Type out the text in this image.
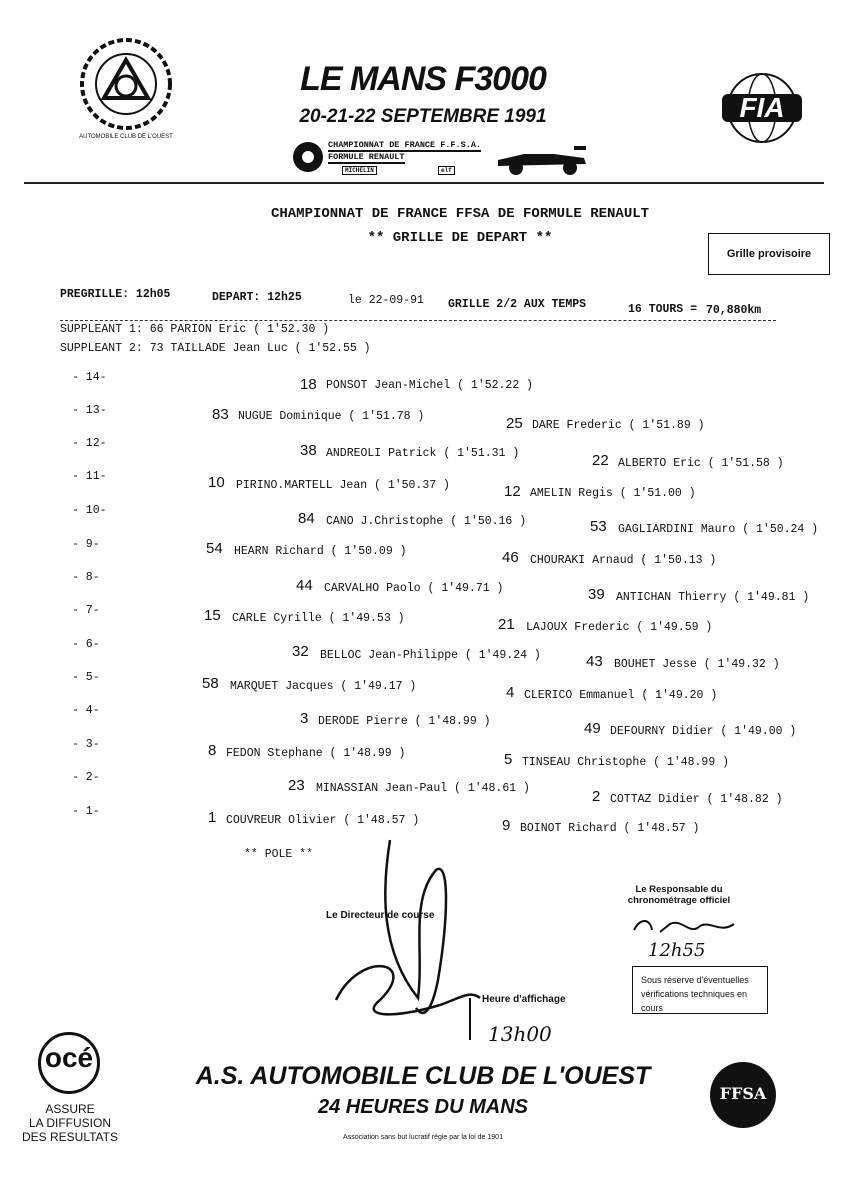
AUTOMOBILE CLUB DE L'OUEST
LE MANS F3000
20-21-22 SEPTEMBRE 1991
CHAMPIONNAT DE FRANCE F.F.S.A.
FORMULE RENAULT
MICHELIN	elf
FIA
CHAMPIONNAT DE FRANCE FFSA DE FORMULE RENAULT
** GRILLE DE DEPART **
Grille provisoire
PREGRILLE: 12h05	DEPART: 12h25	le 22-09-91 GRILLE 2/2 AUX TEMPS	16 TOURS = 70,880km
SUPPLEANT 1: 66 PARION Eric ( 1'52.30 )
SUPPLEANT 2: 73 TAILLADE Jean Luc ( 1'52.55 )
- 14-	18 PONSOT Jean-Michel ( 1'52.22 )
- 13-	83 NUGUE Dominique ( 1'51.78 )	25 DARE Frederic ( 1'51.89 )
- 12-	38 ANDREOLI Patrick ( 1'51.31 )	22 ALBERTO Eric ( 1'51.58 )
- 11-	10 PIRINO.MARTELL Jean ( 1'50.37 )	12 AMELIN Regis ( 1'51.00 )
- 10-	84 CANO J.Christophe ( 1'50.16 )	53 GAGLIARDINI Mauro ( 1'50.24 )
- 9-	54 HEARN Richard ( 1'50.09 )	46 CHOURAKI Arnaud ( 1'50.13 )
- 8-	44 CARVALHO Paolo ( 1'49.71 )	39 ANTICHAN Thierry ( 1'49.81 )
- 7-	15 CARLE Cyrille ( 1'49.53 )	21 LAJOUX Frederic ( 1'49.59 )
- 6-	32 BELLOC Jean-Philippe ( 1'49.24 )	43 BOUHET Jesse ( 1'49.32 )
- 5-	58 MARQUET Jacques ( 1'49.17 )	4 CLERICO Emmanuel ( 1'49.20 )
- 4-	3 DERODE Pierre ( 1'48.99 )	49 DEFOURNY Didier ( 1'49.00 )
- 3-	8 FEDON Stephane ( 1'48.99 )	5 TINSEAU Christophe ( 1'48.99 )
- 2-	23 MINASSIAN Jean-Paul ( 1'48.61 )	2 COTTAZ Didier ( 1'48.82 )
- 1-	1 COUVREUR Olivier ( 1'48.57 )	9 BOINOT Richard ( 1'48.57 )
** POLE **
Le Directeur de course
Le Responsable du chronométrage officiel
12h55
Sous réserve d'éventuelles vérifications techniques en cours
Heure d'affichage
13h00
océ
ASSURE
LA DIFFUSION
DES RESULTATS
A.S. AUTOMOBILE CLUB DE L'OUEST
24 HEURES DU MANS
Association sans but lucratif régie par la loi de 1901
FFSA
